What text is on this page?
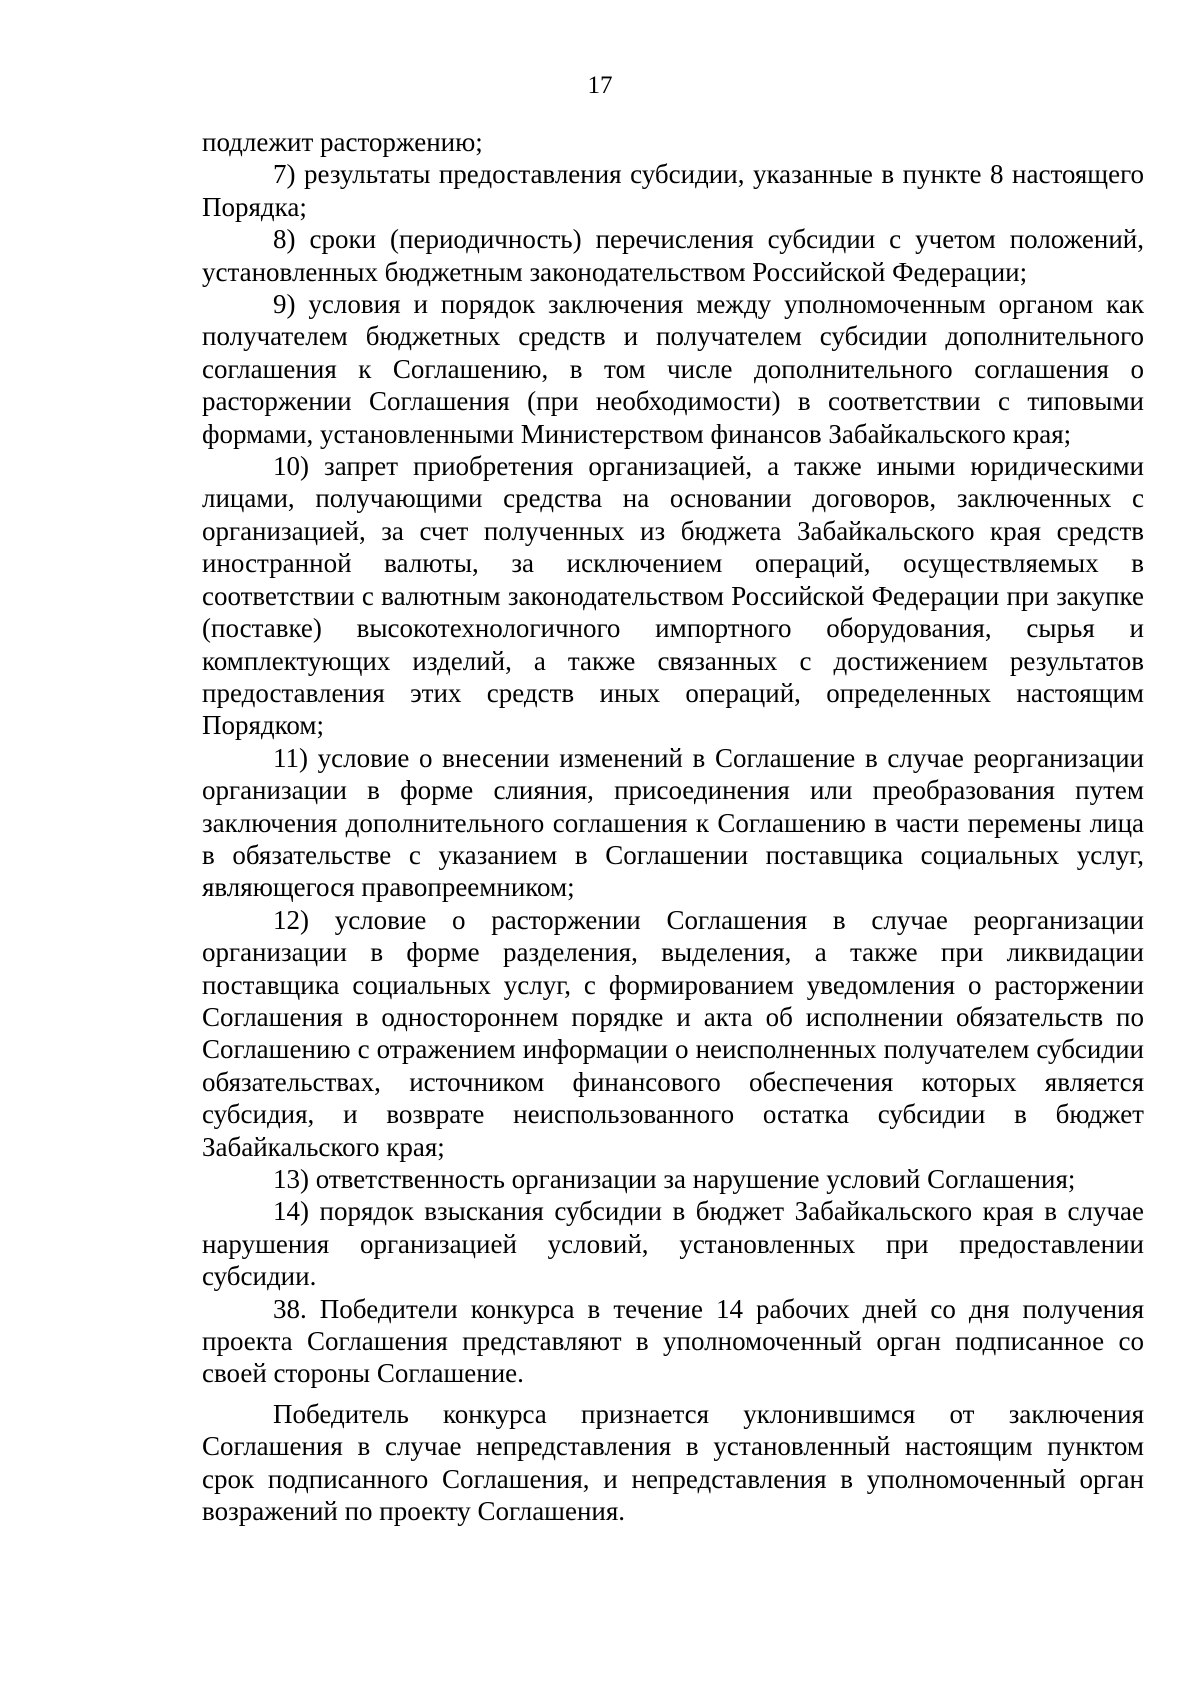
17

подлежит расторжению;

7) результаты предоставления субсидии, указанные в пункте 8 настоящего Порядка;

8) сроки (периодичность) перечисления субсидии с учетом положений, установленных бюджетным законодательством Российской Федерации;

9) условия и порядок заключения между уполномоченным органом как получателем бюджетных средств и получателем субсидии дополнительного соглашения к Соглашению, в том числе дополнительного соглашения о расторжении Соглашения (при необходимости) в соответствии с типовыми формами, установленными Министерством финансов Забайкальского края;

10) запрет приобретения организацией, а также иными юридическими лицами, получающими средства на основании договоров, заключенных с организацией, за счет полученных из бюджета Забайкальского края средств иностранной валюты, за исключением операций, осуществляемых в соответствии с валютным законодательством Российской Федерации при закупке (поставке) высокотехнологичного импортного оборудования, сырья и комплектующих изделий, а также связанных с достижением результатов предоставления этих средств иных операций, определенных настоящим Порядком;

11) условие о внесении изменений в Соглашение в случае реорганизации организации в форме слияния, присоединения или преобразования путем заключения дополнительного соглашения к Соглашению в части перемены лица в обязательстве с указанием в Соглашении поставщика социальных услуг, являющегося правопреемником;

12) условие о расторжении Соглашения в случае реорганизации организации в форме разделения, выделения, а также при ликвидации поставщика социальных услуг, с формированием уведомления о расторжении Соглашения в одностороннем порядке и акта об исполнении обязательств по Соглашению с отражением информации о неисполненных получателем субсидии обязательствах, источником финансового обеспечения которых является субсидия, и возврате неиспользованного остатка субсидии в бюджет Забайкальского края;

13) ответственность организации за нарушение условий Соглашения;

14) порядок взыскания субсидии в бюджет Забайкальского края в случае нарушения организацией условий, установленных при предоставлении субсидии.

38. Победители конкурса в течение 14 рабочих дней со дня получения проекта Соглашения представляют в уполномоченный орган подписанное со своей стороны Соглашение.

Победитель конкурса признается уклонившимся от заключения Соглашения в случае непредставления в установленный настоящим пунктом срок подписанного Соглашения, и непредставления в уполномоченный орган возражений по проекту Соглашения.
